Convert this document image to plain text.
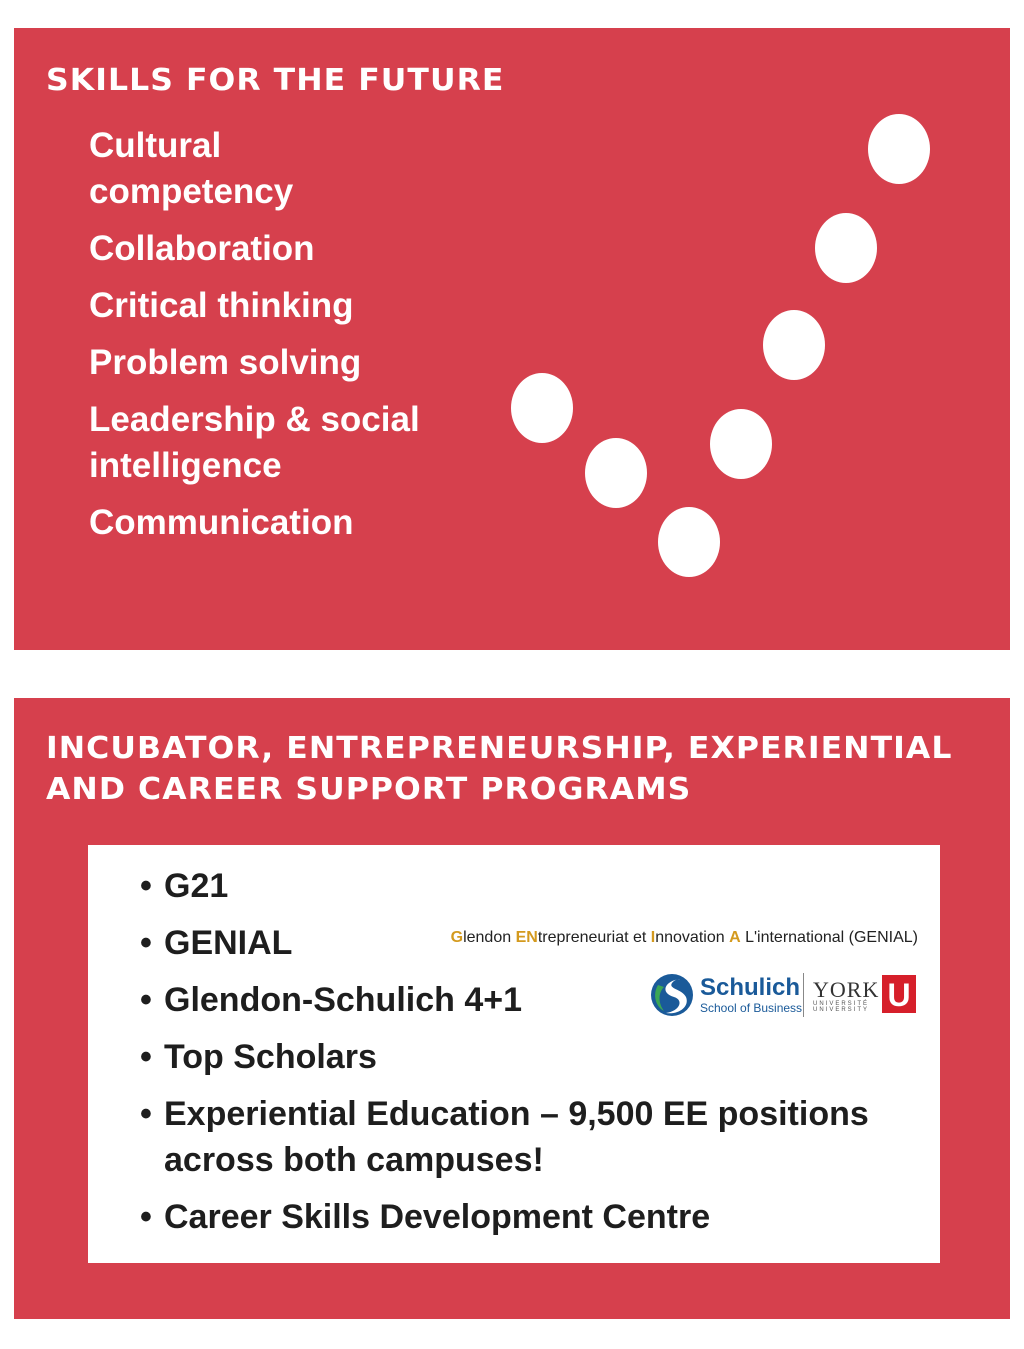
SKILLS FOR THE FUTURE
Cultural competency
Collaboration
Critical thinking
Problem solving
Leadership & social intelligence
Communication
INCUBATOR, ENTREPRENEURSHIP, EXPERIENTIAL
AND CAREER SUPPORT PROGRAMS
• G21
• GENIAL
• Glendon-Schulich 4+1
• Top Scholars
• Experiential Education – 9,500 EE positions across both campuses!
• Career Skills Development Centre
Glendon ENtrepreneuriat et Innovation A L'international (GENIAL)
Schulich
School of Business
YORK
UNIVERSITÉ UNIVERSITY U
